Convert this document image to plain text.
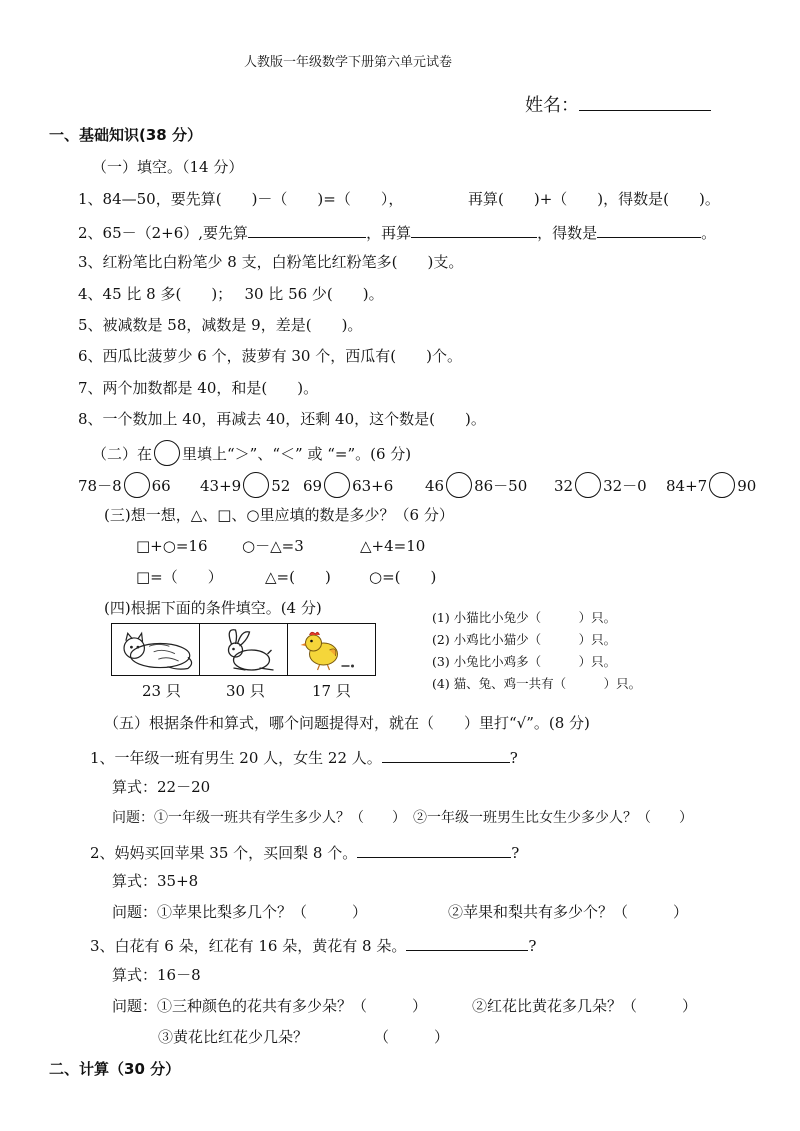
人教版一年级数学下册第六单元试卷
姓名：
一、基础知识(38 分）
（一）填空。（14 分）
1、84—50，要先算(　　)－（　　)=（　　），	再算(　　)+（　　)，得数是(　　)。
2、65－（2+6）,要先算	，再算	，得数是	。
3、红粉笔比白粉笔少 8 支，白粉笔比红粉笔多(　　)支。
4、45 比 8 多(　　)；　 30 比 56 少(　　)。
5、被减数是 58，减数是 9，差是(　　)。
6、西瓜比菠萝少 6 个，菠萝有 30 个，西瓜有(　　)个。
7、两个加数都是 40，和是(　　)。
8、一个数加上 40，再减去 40，还剩 40，这个数是(　　)。
（二）在 里填上“＞”、“＜” 或 “=”。(6 分)
78－8 66 43+9 52 69 63+6 46 86－50 32 32－0 84+7 90
(三)想一想，△、□、○里应填的数是多少？（6 分）
□+○=16 ○－△=3	△+4=10
□=（　　）	△=(　　)	○=(　　)
(四)根据下面的条件填空。(4 分)
23 只	30 只	17 只
(1) 小猫比小兔少（　　　）只。
(2) 小鸡比小猫少（　　　）只。
(3) 小兔比小鸡多（　　　）只。
(4) 猫、兔、鸡一共有（　　　）只。
（五）根据条件和算式，哪个问题提得对，就在（　　）里打“√”。(8 分)
1、一年级一班有男生 20 人，女生 22 人。	?
算式：22－20
问题：①一年级一班共有学生多少人？（　　）　②一年级一班男生比女生少多少人？（　　）
2、妈妈买回苹果 35 个，买回梨 8 个。	?
算式：35+8
问题：①苹果比梨多几个？（　　　）	②苹果和梨共有多少个？（　　　）
3、白花有 6 朵，红花有 16 朵，黄花有 8 朵。	?
算式：16－8
问题：①三种颜色的花共有多少朵？（　　　）	②红花比黄花多几朵？（　　　）
③黄花比红花少几朵？	（　　　）
二、计算（30 分）
